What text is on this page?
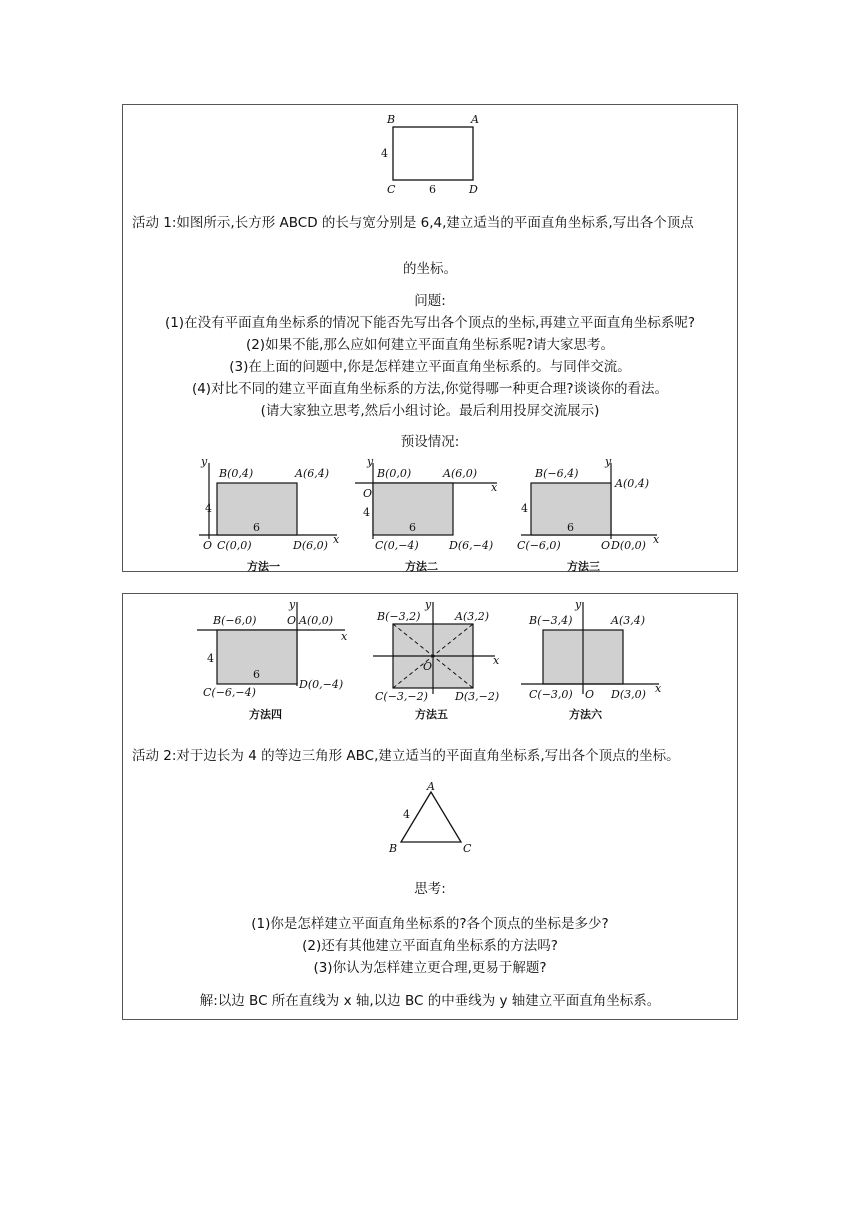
B	A
C	D
4
6
活动 1:如图所示,长方形 ABCD 的长与宽分别是 6,4,建立适当的平面直角坐标系,写出各个顶点
的坐标。
问题:
(1)在没有平面直角坐标系的情况下能否先写出各个顶点的坐标,再建立平面直角坐标系呢?
(2)如果不能,那么应如何建立平面直角坐标系呢?请大家思考。
(3)在上面的问题中,你是怎样建立平面直角坐标系的。与同伴交流。
(4)对比不同的建立平面直角坐标系的方法,你觉得哪一种更合理?谈谈你的看法。
(请大家独立思考,然后小组讨论。最后利用投屏交流展示)
预设情况:
y
x
B(0,4)	A(6,4)
O C(0,0)	D(6,0)
4
6
方法一
y
x
B(0,0)	A(6,0)
O
C(0,−4)	D(6,−4)
4
6
方法二
y
x
B(−6,4)
A(0,4)
C(−6,0)	O D(0,0)
4
6
方法三
y
x
B(−6,0)	O A(0,0)
C(−6,−4)
D(0,−4)
4
6
方法四
y
x
B(−3,2)	A(3,2)
O
C(−3,−2) D(3,−2)
方法五
y
x
B(−3,4)	A(3,4)
C(−3,0) O D(3,0)
方法六
活动 2:对于边长为 4 的等边三角形 ABC,建立适当的平面直角坐标系,写出各个顶点的坐标。
A
B	C
4
思考:
(1)你是怎样建立平面直角坐标系的?各个顶点的坐标是多少?
(2)还有其他建立平面直角坐标系的方法吗?
(3)你认为怎样建立更合理,更易于解题?
解:以边 BC 所在直线为 x 轴,以边 BC 的中垂线为 y 轴建立平面直角坐标系。
